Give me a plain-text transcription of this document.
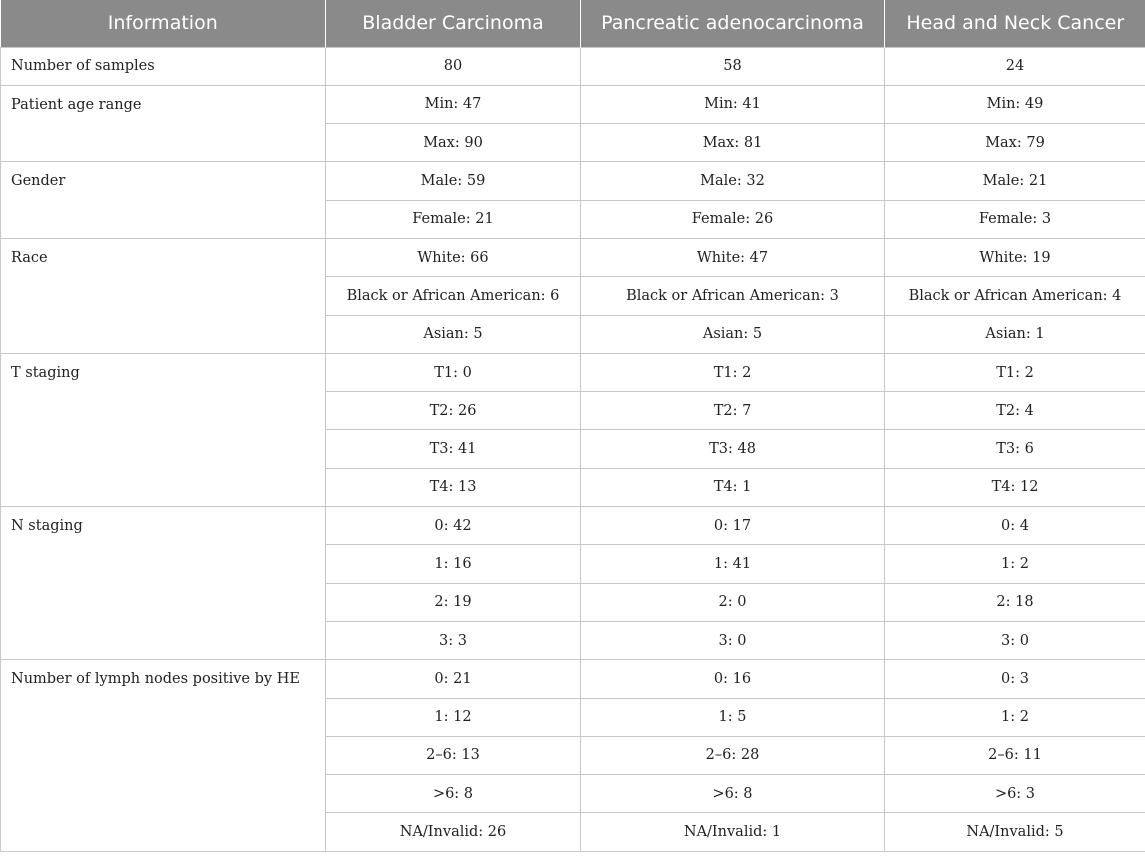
Information	Bladder Carcinoma	Pancreatic adenocarcinoma	Head and Neck Cancer
Number of samples	80	58	24
Patient age range	Min: 47	Min: 41	Min: 49
	Max: 90	Max: 81	Max: 79
Gender	Male: 59	Male: 32	Male: 21
	Female: 21	Female: 26	Female: 3
Race	White: 66	White: 47	White: 19
	Black or African American: 6	Black or African American: 3	Black or African American: 4
	Asian: 5	Asian: 5	Asian: 1
T staging	T1: 0	T1: 2	T1: 2
	T2: 26	T2: 7	T2: 4
	T3: 41	T3: 48	T3: 6
	T4: 13	T4: 1	T4: 12
N staging	0: 42	0: 17	0: 4
	1: 16	1: 41	1: 2
	2: 19	2: 0	2: 18
	3: 3	3: 0	3: 0
Number of lymph nodes positive by HE	0: 21	0: 16	0: 3
	1: 12	1: 5	1: 2
	2–6: 13	2–6: 28	2–6: 11
	>6: 8	>6: 8	>6: 3
	NA/Invalid: 26	NA/Invalid: 1	NA/Invalid: 5
